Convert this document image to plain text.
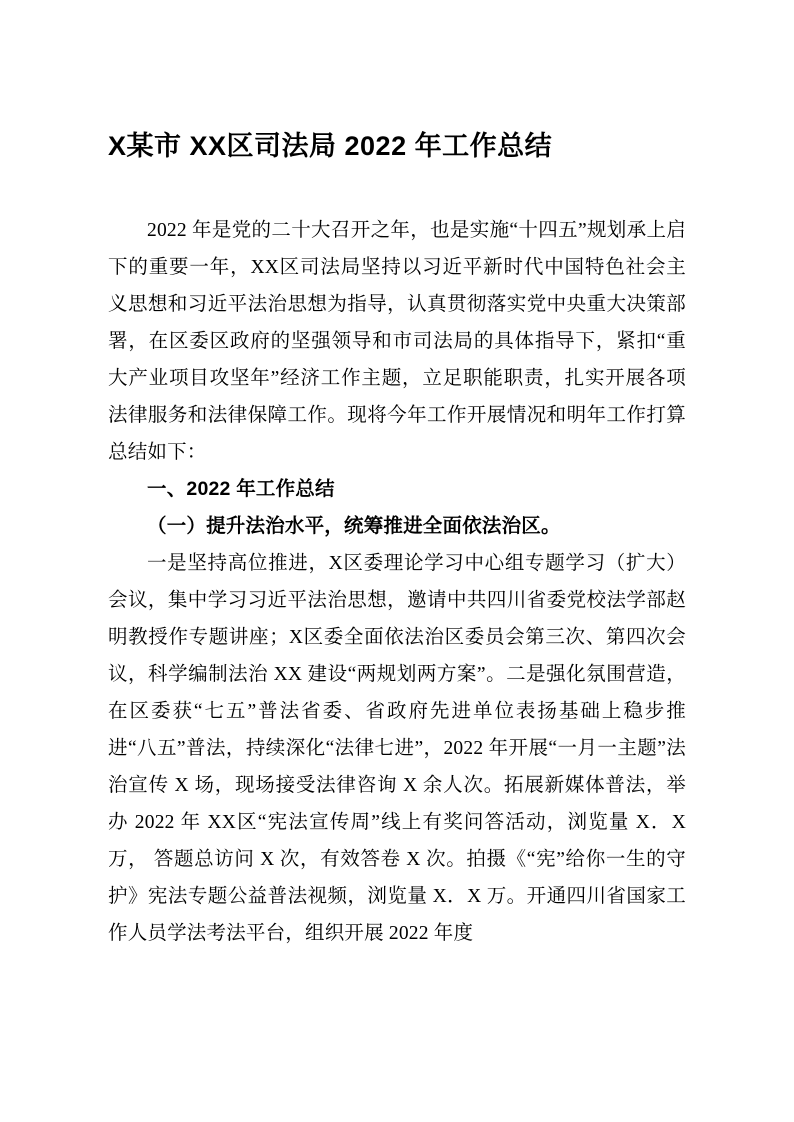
X某市 XX区司法局 2022 年工作总结

2022 年是党的二十大召开之年，也是实施“十四五”规划承上启下的重要一年，XX区司法局坚持以习近平新时代中国特色社会主义思想和习近平法治思想为指导，认真贯彻落实党中央重大决策部署，在区委区政府的坚强领导和市司法局的具体指导下，紧扣“重大产业项目攻坚年”经济工作主题，立足职能职责，扎实开展各项法律服务和法律保障工作。现将今年工作开展情况和明年工作打算总结如下：

一、2022 年工作总结

（一）提升法治水平，统筹推进全面依法治区。

一是坚持高位推进，X区委理论学习中心组专题学习（扩大）会议，集中学习习近平法治思想，邀请中共四川省委党校法学部赵明教授作专题讲座；X区委全面依法治区委员会第三次、第四次会议，科学编制法治 XX 建设“两规划两方案”。二是强化氛围营造，在区委获“七五”普法省委、省政府先进单位表扬基础上稳步推进“八五”普法，持续深化“法律七进”，2022 年开展“一月一主题”法治宣传 X 场，现场接受法律咨询 X 余人次。拓展新媒体普法，举办 2022 年 XX区“宪法宣传周”线上有奖问答活动，浏览量 X．X万， 答题总访问 X 次，有效答卷 X 次。拍摄《“宪”给你一生的守护》宪法专题公益普法视频，浏览量 X．X 万。开通四川省国家工作人员学法考法平台，组织开展 2022 年度
